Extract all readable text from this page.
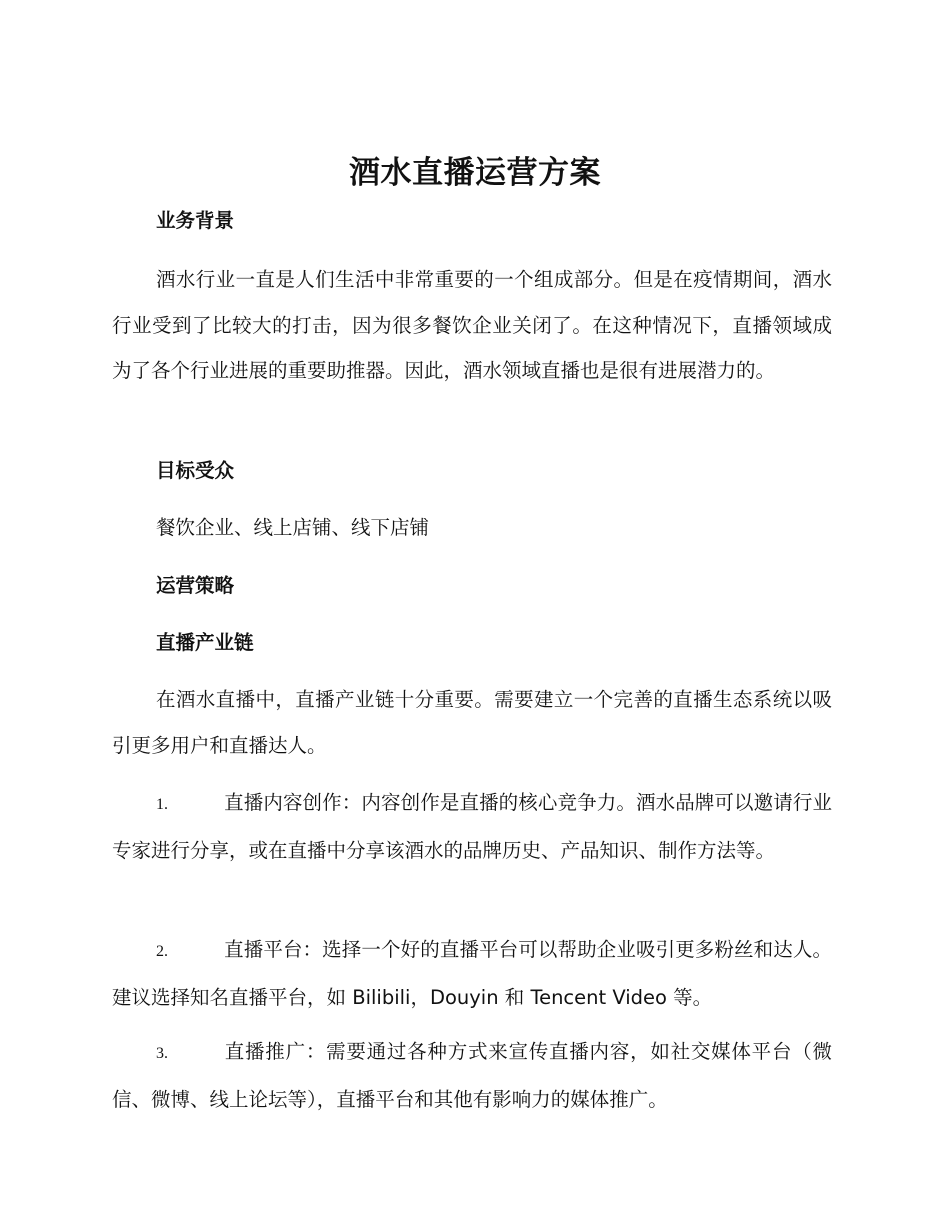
酒水直播运营方案
业务背景

酒水行业一直是人们生活中非常重要的一个组成部分。但是在疫情期间，酒水行业受到了比较大的打击，因为很多餐饮企业关闭了。在这种情况下，直播领域成为了各个行业进展的重要助推器。因此，酒水领域直播也是很有进展潜力的。

目标受众
餐饮企业、线上店铺、线下店铺
运营策略
直播产业链

在酒水直播中，直播产业链十分重要。需要建立一个完善的直播生态系统以吸引更多用户和直播达人。

1.	直播内容创作：内容创作是直播的核心竞争力。酒水品牌可以邀请行业专家进行分享，或在直播中分享该酒水的品牌历史、产品知识、制作方法等。

2.	直播平台：选择一个好的直播平台可以帮助企业吸引更多粉丝和达人。建议选择知名直播平台，如 Bilibili，Douyin 和 Tencent Video 等。

3.	直播推广：需要通过各种方式来宣传直播内容，如社交媒体平台（微信、微博、线上论坛等），直播平台和其他有影响力的媒体推广。
